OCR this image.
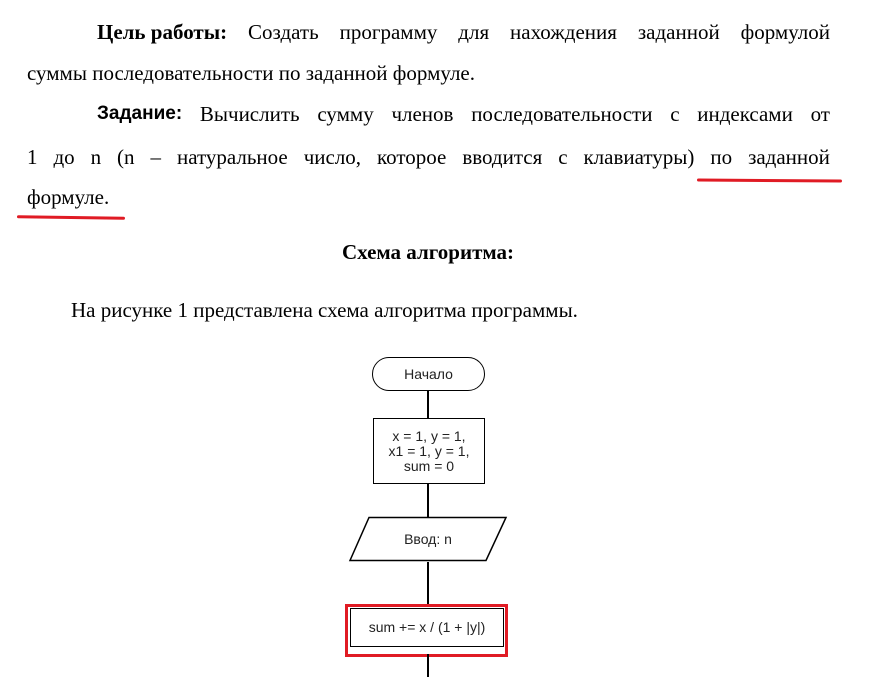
Цель работы: Создать программу для нахождения заданной формулой
суммы последовательности по заданной формуле.
Задание: Вычислить сумму членов последовательности с индексами от
1 до n (n – натуральное число, которое вводится с клавиатуры) по заданной
формуле.
Схема алгоритма:
На рисунке 1 представлена схема алгоритма программы.
Начало
x = 1, y = 1,
x1 = 1, y = 1,
sum = 0
Ввод: n
sum += x / (1 + |y|)
